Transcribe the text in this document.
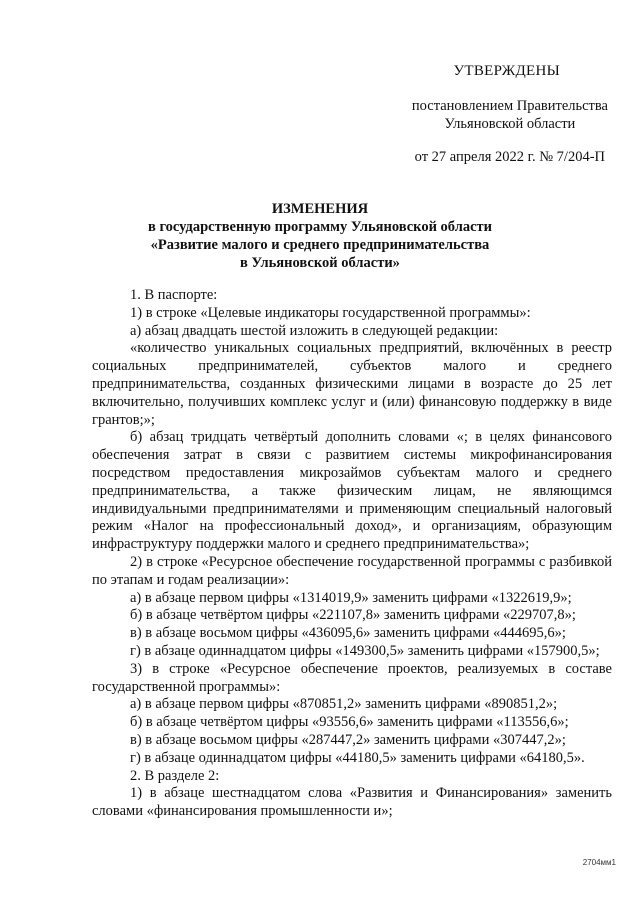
УТВЕРЖДЕНЫ
постановлением Правительства
Ульяновской области
от 27 апреля 2022 г. № 7/204-П
ИЗМЕНЕНИЯ
в государственную программу Ульяновской области
«Развитие малого и среднего предпринимательства
в Ульяновской области»

1. В паспорте:

1) в строке «Целевые индикаторы государственной программы»:

а) абзац двадцать шестой изложить в следующей редакции:

«количество уникальных социальных предприятий, включённых в реестр социальных предпринимателей, субъектов малого и среднего предпринимательства, созданных физическими лицами в возрасте до 25 лет включительно, получивших комплекс услуг и (или) финансовую поддержку в виде грантов;»;

б) абзац тридцать четвёртый дополнить словами «; в целях финансового обеспечения затрат в связи с развитием системы микрофинансирования посредством предоставления микрозаймов субъектам малого и среднего предпринимательства, а также физическим лицам, не являющимся индивидуальными предпринимателями и применяющим специальный налоговый режим «Налог на профессиональный доход», и организациям, образующим инфраструктуру поддержки малого и среднего предпринимательства»;

2) в строке «Ресурсное обеспечение государственной программы с разбивкой по этапам и годам реализации»:

а) в абзаце первом цифры «1314019,9» заменить цифрами «1322619,9»;

б) в абзаце четвёртом цифры «221107,8» заменить цифрами «229707,8»;

в) в абзаце восьмом цифры «436095,6» заменить цифрами «444695,6»;

г) в абзаце одиннадцатом цифры «149300,5» заменить цифрами «157900,5»;

3) в строке «Ресурсное обеспечение проектов, реализуемых в составе государственной программы»:

а) в абзаце первом цифры «870851,2» заменить цифрами «890851,2»;

б) в абзаце четвёртом цифры «93556,6» заменить цифрами «113556,6»;

в) в абзаце восьмом цифры «287447,2» заменить цифрами «307447,2»;

г) в абзаце одиннадцатом цифры «44180,5» заменить цифрами «64180,5».

2. В разделе 2:

1) в абзаце шестнадцатом слова «Развития и Финансирования» заменить словами «финансирования промышленности и»;

2704мм1
